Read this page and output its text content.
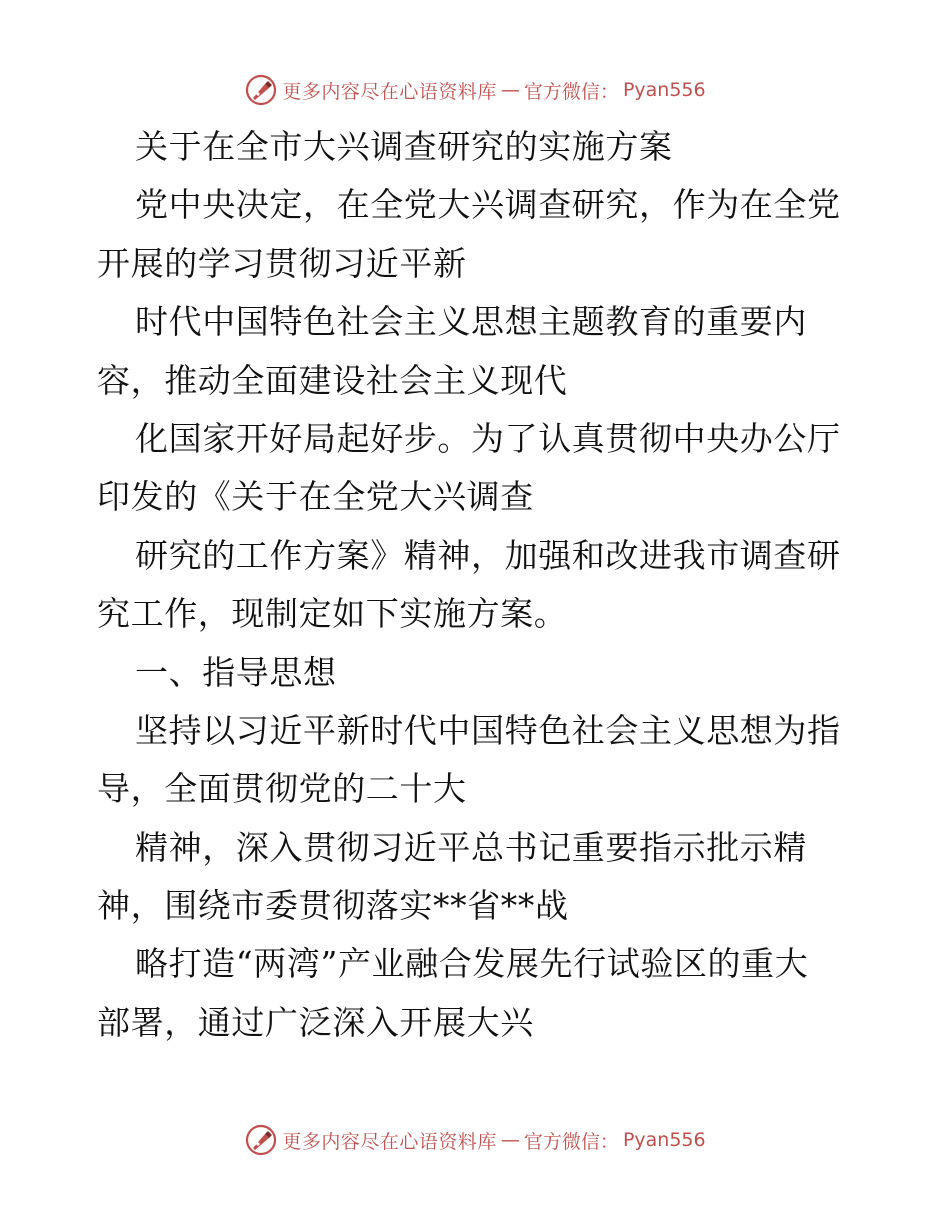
更多内容尽在心语资料库 — 官方微信： Pyan556
关于在全市大兴调查研究的实施方案
党中央决定，在全党大兴调查研究，作为在全党
开展的学习贯彻习近平新
时代中国特色社会主义思想主题教育的重要内
容，推动全面建设社会主义现代
化国家开好局起好步。为了认真贯彻中央办公厅
印发的《关于在全党大兴调查
研究的工作方案》精神，加强和改进我市调查研
究工作，现制定如下实施方案。
一、指导思想
坚持以习近平新时代中国特色社会主义思想为指
导，全面贯彻党的二十大
精神，深入贯彻习近平总书记重要指示批示精
神，围绕市委贯彻落实**省**战
略打造“两湾”产业融合发展先行试验区的重大
部署，通过广泛深入开展大兴
更多内容尽在心语资料库 — 官方微信： Pyan556
